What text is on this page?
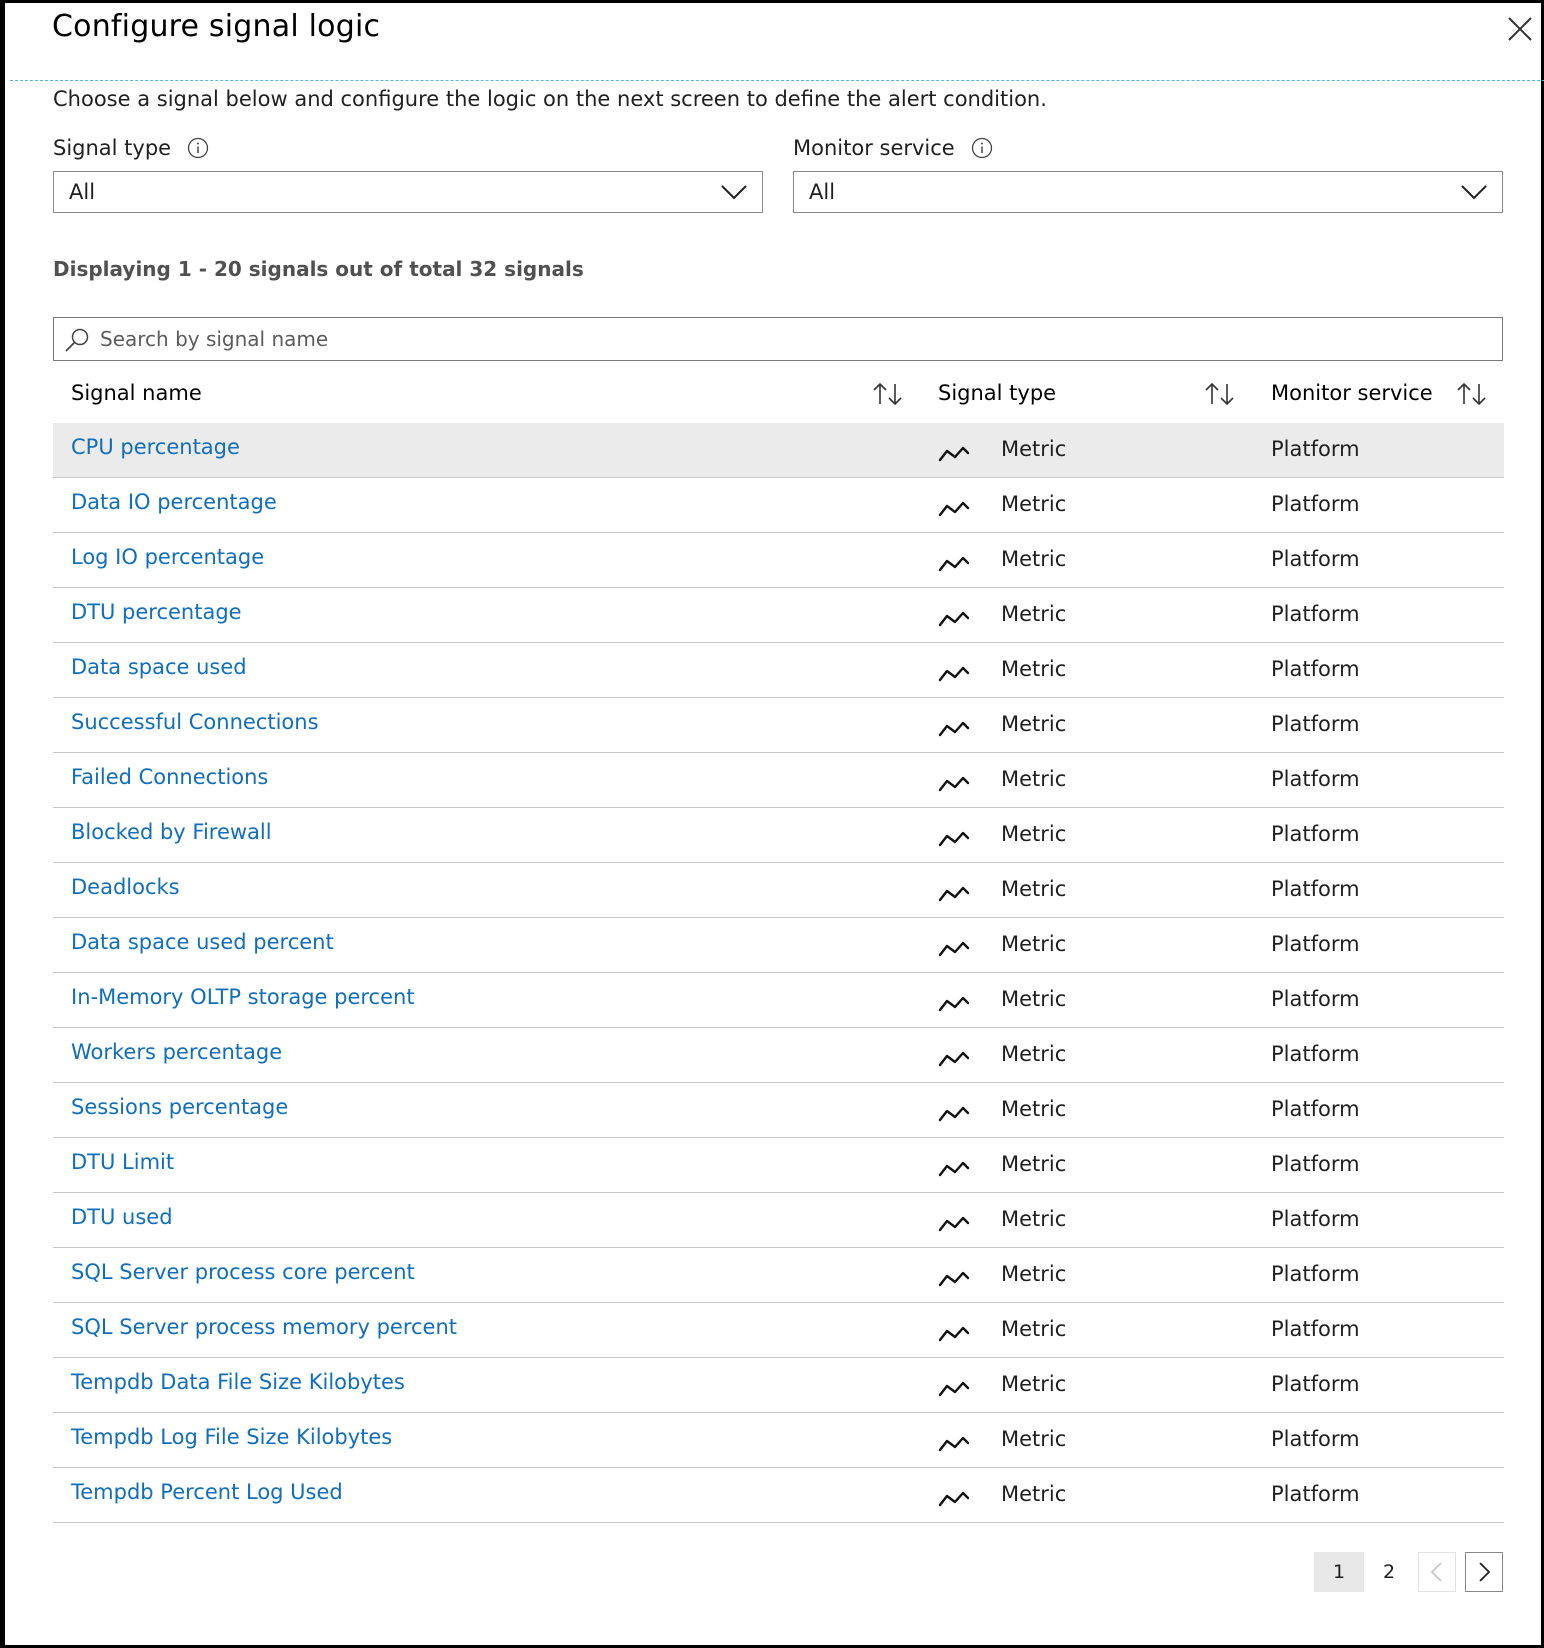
Configure signal logic
Choose a signal below and configure the logic on the next screen to define the alert condition.
Signal type
All
Monitor service
All
Displaying 1 - 20 signals out of total 32 signals
Search by signal name
Signal name	Signal type	Monitor service
CPU percentage	Metric	Platform
Data IO percentage	Metric	Platform
Log IO percentage	Metric	Platform
DTU percentage	Metric	Platform
Data space used	Metric	Platform
Successful Connections	Metric	Platform
Failed Connections	Metric	Platform
Blocked by Firewall	Metric	Platform
Deadlocks	Metric	Platform
Data space used percent	Metric	Platform
In-Memory OLTP storage percent	Metric	Platform
Workers percentage	Metric	Platform
Sessions percentage	Metric	Platform
DTU Limit	Metric	Platform
DTU used	Metric	Platform
SQL Server process core percent	Metric	Platform
SQL Server process memory percent	Metric	Platform
Tempdb Data File Size Kilobytes	Metric	Platform
Tempdb Log File Size Kilobytes	Metric	Platform
Tempdb Percent Log Used	Metric	Platform
1	2
